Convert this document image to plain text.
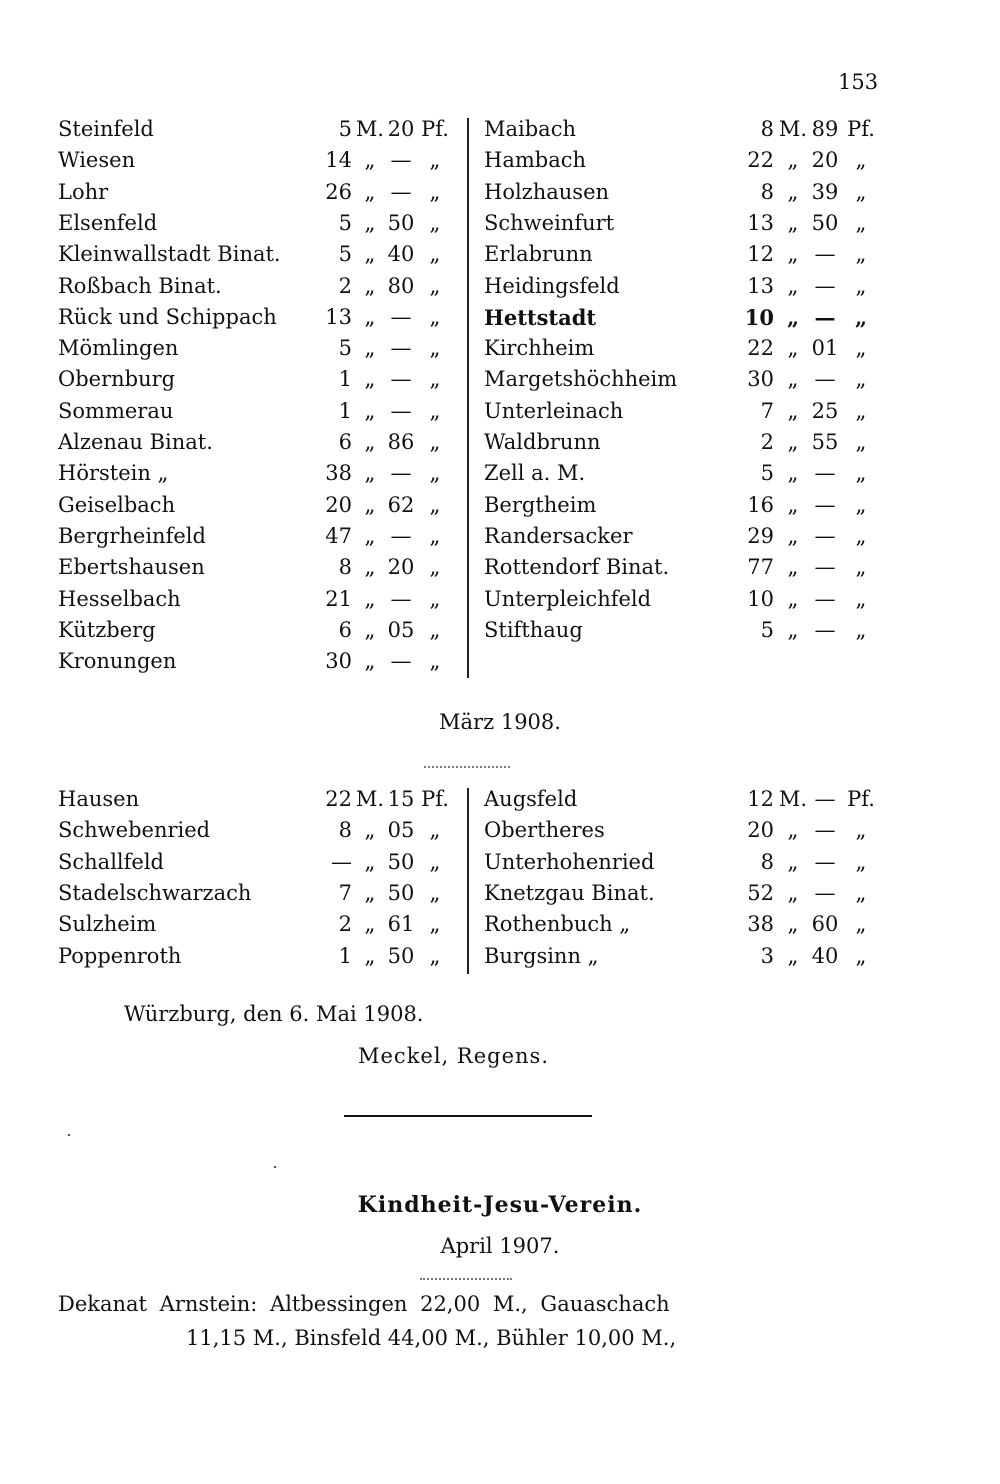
153
Steinfeld	5 M. 20 Pf. Maibach	8 M. 89 Pf.
Wiesen	14 „ — „	Hambach	22 „ 20 „
Lohr	26 „ — „	Holzhausen	8 „ 39 „
Elsenfeld	5 „ 50 „	Schweinfurt	13 „ 50 „
Kleinwallstadt Binat.	5 „ 40 „	Erlabrunn	12 „ — „
Roßbach Binat.	2 „ 80 „	Heidingsfeld	13 „ — „
Rück und Schippach	13 „ — „	Hettstadt	10 „ — „
Mömlingen	5 „ — „	Kirchheim	22 „ 01 „
Obernburg	1 „ — „	Margetshöchheim	30 „ — „
Sommerau	1 „ — „	Unterleinach	7 „ 25 „
Alzenau Binat.	6 „ 86 „	Waldbrunn	2 „ 55 „
Hörstein „	38 „ — „	Zell a. M.	5 „ — „
Geiselbach	20 „ 62 „	Bergtheim	16 „ — „
Bergrheinfeld	47 „ — „	Randersacker	29 „ — „
Ebertshausen	8 „ 20 „	Rottendorf Binat.	77 „ — „
Hesselbach	21 „ — „	Unterpleichfeld	10 „ — „
Kützberg	6 „ 05 „	Stifthaug	5 „ — „
Kronungen	30 „ — „
März 1908.
Hausen	22 M. 15 Pf. Augsfeld	12 M. — Pf.
Schwebenried	8 „ 05 „	Obertheres	20 „ — „
Schallfeld	— „ 50 „	Unterhohenried	8 „ — „
Stadelschwarzach	7 „ 50 „	Knetzgau Binat.	52 „ — „
Sulzheim	2 „ 61 „	Rothenbuch „	38 „ 60 „
Poppenroth	1 „ 50 „	Burgsinn „	3 „ 40 „
Würzburg, den 6. Mai 1908.
Meckel, Regens.
Kindheit-Jesu-Verein.
April 1907.
Dekanat Arnstein: Altbessingen 22,00 M., Gauaschach
11,15 M., Binsfeld 44,00 M., Bühler 10,00 M.,
